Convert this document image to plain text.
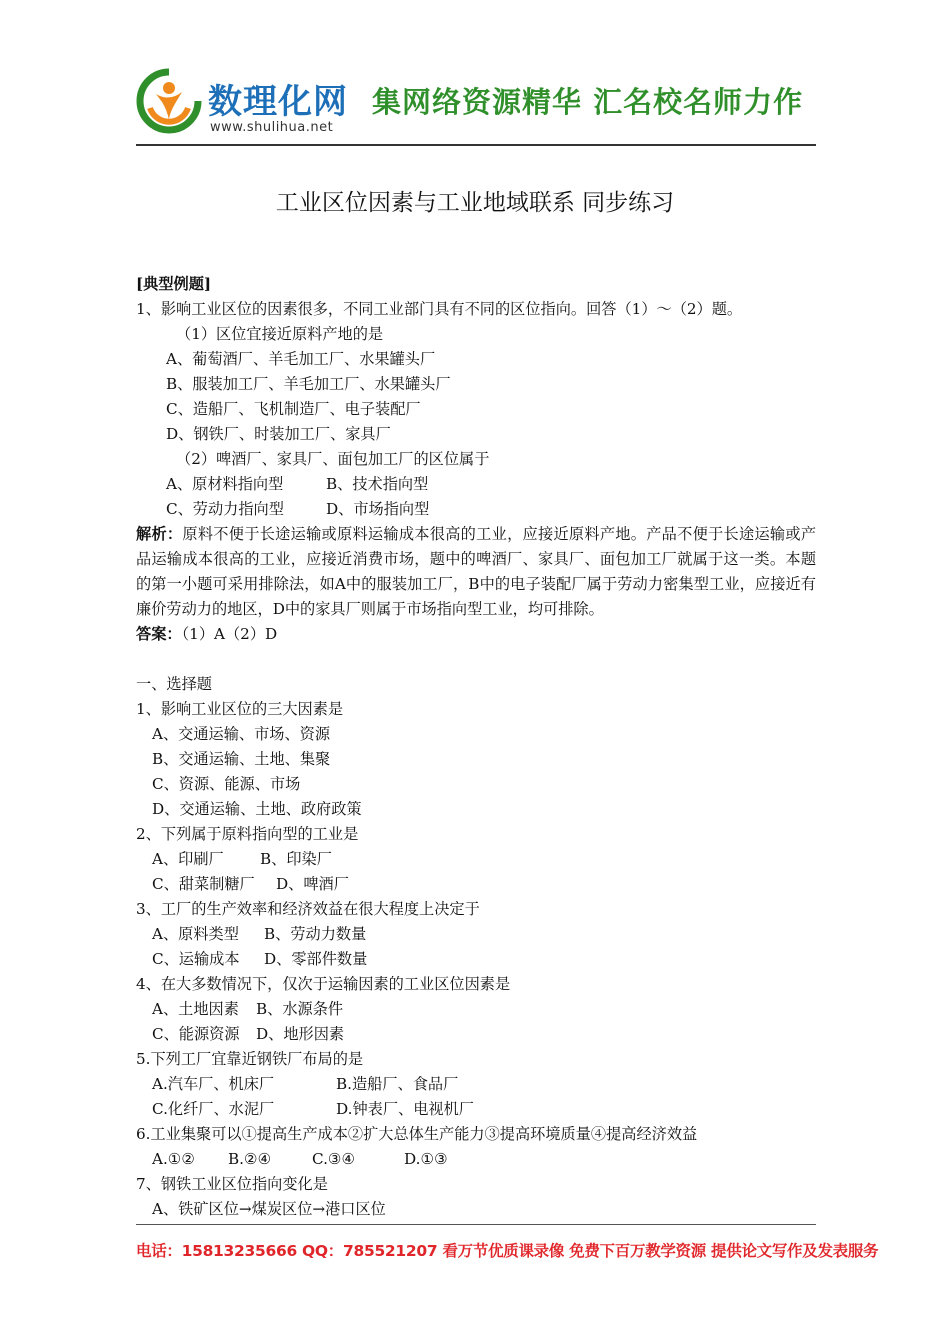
数理化网
www.shulihua.net
集网络资源精华 汇名校名师力作
工业区位因素与工业地域联系 同步练习
[典型例题]
1、影响工业区位的因素很多，不同工业部门具有不同的区位指向。回答（1）～（2）题。
（1）区位宜接近原料产地的是
A、葡萄酒厂、羊毛加工厂、水果罐头厂
B、服装加工厂、羊毛加工厂、水果罐头厂
C、造船厂、飞机制造厂、电子装配厂
D、钢铁厂、时装加工厂、家具厂
（2）啤酒厂、家具厂、面包加工厂的区位属于
A、原材料指向型	B、技术指向型
C、劳动力指向型	D、市场指向型
解析：原料不便于长途运输或原料运输成本很高的工业，应接近原料产地。产品不便于长途运输或产品运输成本很高的工业，应接近消费市场，题中的啤酒厂、家具厂、面包加工厂就属于这一类。本题的第一小题可采用排除法，如A中的服装加工厂，B中的电子装配厂属于劳动力密集型工业，应接近有廉价劳动力的地区，D中的家具厂则属于市场指向型工业，均可排除。
答案：（1）A（2）D
一、选择题
1、影响工业区位的三大因素是
A、交通运输、市场、资源
B、交通运输、土地、集聚
C、资源、能源、市场
D、交通运输、土地、政府政策
2、下列属于原料指向型的工业是
A、印刷厂 B、印染厂
C、甜菜制糖厂 D、啤酒厂
3、工厂的生产效率和经济效益在很大程度上决定于
A、原料类型 B、劳动力数量
C、运输成本 D、零部件数量
4、在大多数情况下，仅次于运输因素的工业区位因素是
A、土地因素 B、水源条件
C、能源资源 D、地形因素
5.下列工厂宜靠近钢铁厂布局的是
A.汽车厂、机床厂	B.造船厂、食品厂
C.化纤厂、水泥厂	D.钟表厂、电视机厂
6.工业集聚可以①提高生产成本②扩大总体生产能力③提高环境质量④提高经济效益
A.①② B.②④	C.③④	D.①③
7、钢铁工业区位指向变化是
A、铁矿区位→煤炭区位→港口区位
电话：15813235666 QQ：785521207 看万节优质课录像 免费下百万教学资源 提供论文写作及发表服务
